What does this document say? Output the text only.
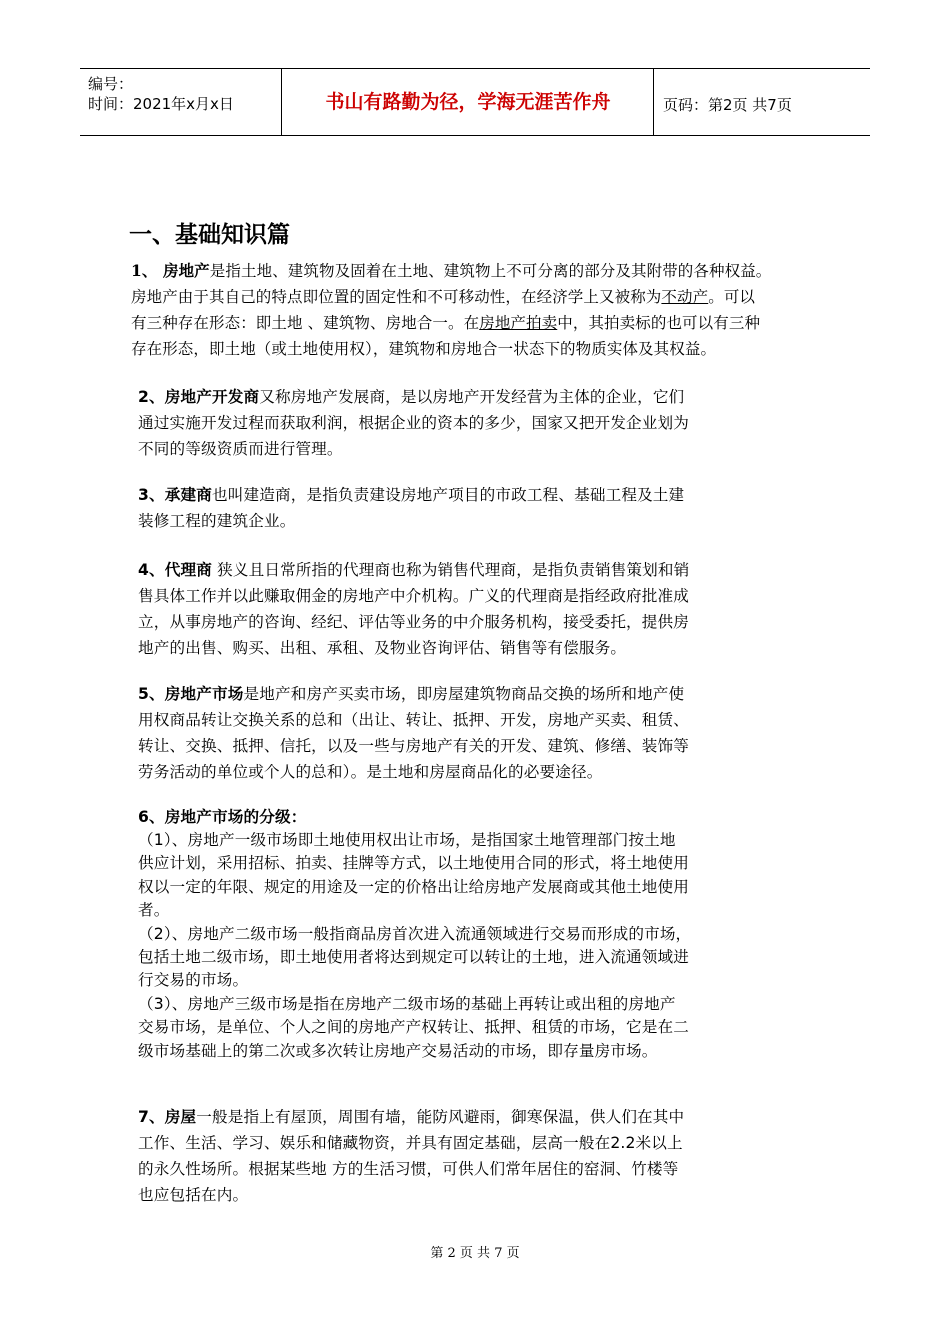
编号：
时间：2021年x月x日	书山有路勤为径，学海无涯苦作舟	页码：第2页 共7页
一、基础知识篇
1、 房地产是指土地、建筑物及固着在土地、建筑物上不可分离的部分及其附带的各种权益。
房地产由于其自己的特点即位置的固定性和不可移动性，在经济学上又被称为不动产。可以
有三种存在形态：即土地 、建筑物、房地合一。在房地产拍卖中，其拍卖标的也可以有三种
存在形态，即土地（或土地使用权），建筑物和房地合一状态下的物质实体及其权益。
2、房地产开发商又称房地产发展商，是以房地产开发经营为主体的企业，它们
通过实施开发过程而获取利润，根据企业的资本的多少，国家又把开发企业划为
不同的等级资质而进行管理。
3、承建商也叫建造商，是指负责建设房地产项目的市政工程、基础工程及土建
装修工程的建筑企业。
4、代理商 狭义且日常所指的代理商也称为销售代理商，是指负责销售策划和销
售具体工作并以此赚取佣金的房地产中介机构。广义的代理商是指经政府批准成
立，从事房地产的咨询、经纪、评估等业务的中介服务机构，接受委托，提供房
地产的出售、购买、出租、承租、及物业咨询评估、销售等有偿服务。
5、房地产市场是地产和房产买卖市场，即房屋建筑物商品交换的场所和地产使
用权商品转让交换关系的总和（出让、转让、抵押、开发，房地产买卖、租赁、
转让、交换、抵押、信托，以及一些与房地产有关的开发、建筑、修缮、装饰等
劳务活动的单位或个人的总和）。是土地和房屋商品化的必要途径。
6、房地产市场的分级：
（1）、房地产一级市场即土地使用权出让市场，是指国家土地管理部门按土地
供应计划，采用招标、拍卖、挂牌等方式，以土地使用合同的形式，将土地使用
权以一定的年限、规定的用途及一定的价格出让给房地产发展商或其他土地使用
者。
（2）、房地产二级市场一般指商品房首次进入流通领域进行交易而形成的市场，
包括土地二级市场，即土地使用者将达到规定可以转让的土地，进入流通领域进
行交易的市场。
（3）、房地产三级市场是指在房地产二级市场的基础上再转让或出租的房地产
交易市场，是单位、个人之间的房地产产权转让、抵押、租赁的市场，它是在二
级市场基础上的第二次或多次转让房地产交易活动的市场，即存量房市场。
7、房屋一般是指上有屋顶，周围有墙，能防风避雨，御寒保温，供人们在其中
工作、生活、学习、娱乐和储藏物资，并具有固定基础，层高一般在2.2米以上
的永久性场所。根据某些地 方的生活习惯，可供人们常年居住的窑洞、竹楼等
也应包括在内。
第 2 页 共 7 页
